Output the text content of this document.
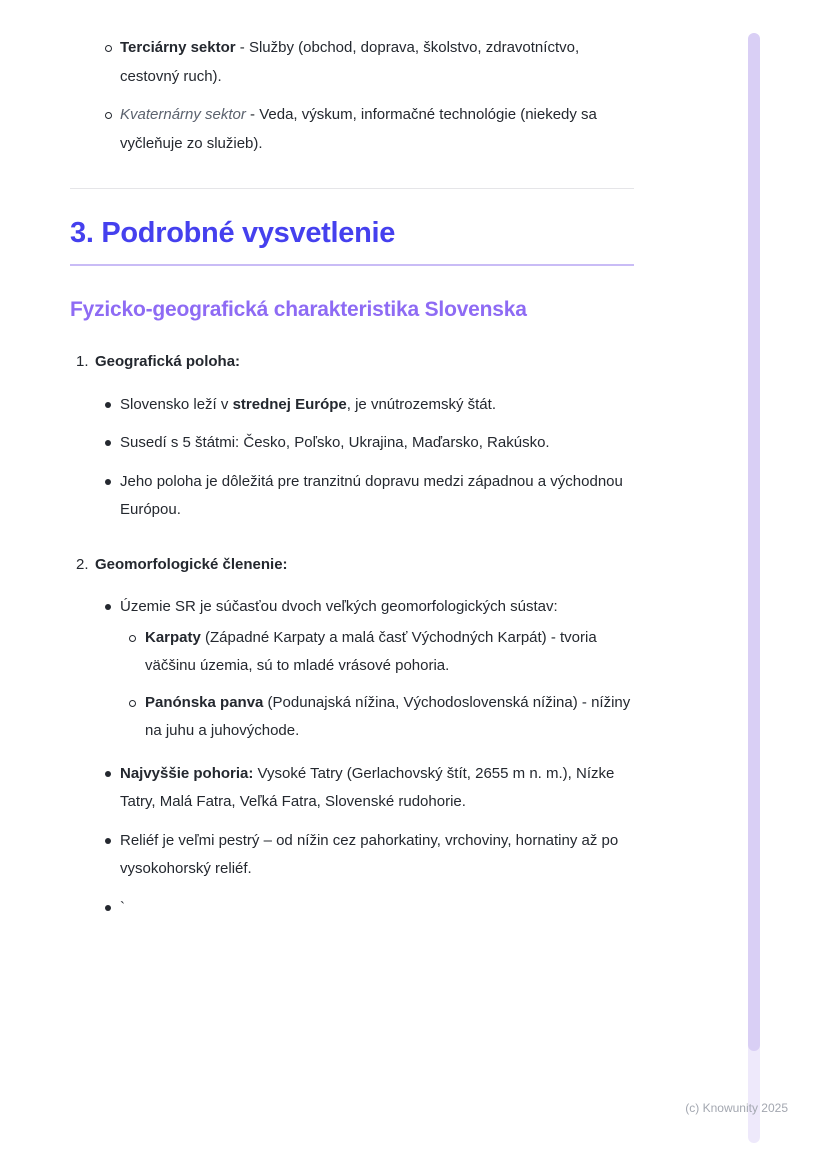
Terciárny sektor - Služby (obchod, doprava, školstvo, zdravotníctvo, cestovný ruch).
Kvaternárny sektor - Veda, výskum, informačné technológie (niekedy sa vyčleňuje zo služieb).
3. Podrobné vysvetlenie
Fyzicko-geografická charakteristika Slovenska
1. Geografická poloha:
Slovensko leží v strednej Európe, je vnútrozemský štát.
Susedí s 5 štátmi: Česko, Poľsko, Ukrajina, Maďarsko, Rakúsko.
Jeho poloha je dôležitá pre tranzitnú dopravu medzi západnou a východnou Európou.
2. Geomorfologické členenie:
Územie SR je súčasťou dvoch veľkých geomorfologických sústav:
Karpaty (Západné Karpaty a malá časť Východných Karpát) - tvoria väčšinu územia, sú to mladé vrásové pohoria.
Panónska panva (Podunajská nížina, Východoslovenská nížina) - nížiny na juhu a juhovýchode.
Najvyššie pohoria: Vysoké Tatry (Gerlachovský štít, 2655 m n. m.), Nízke Tatry, Malá Fatra, Veľká Fatra, Slovenské rudohorie.
Reliéf je veľmi pestrý – od nížin cez pahorkatiny, vrchoviny, hornatiny až po vysokohorský reliéf.
`
(c) Knowunity 2025
